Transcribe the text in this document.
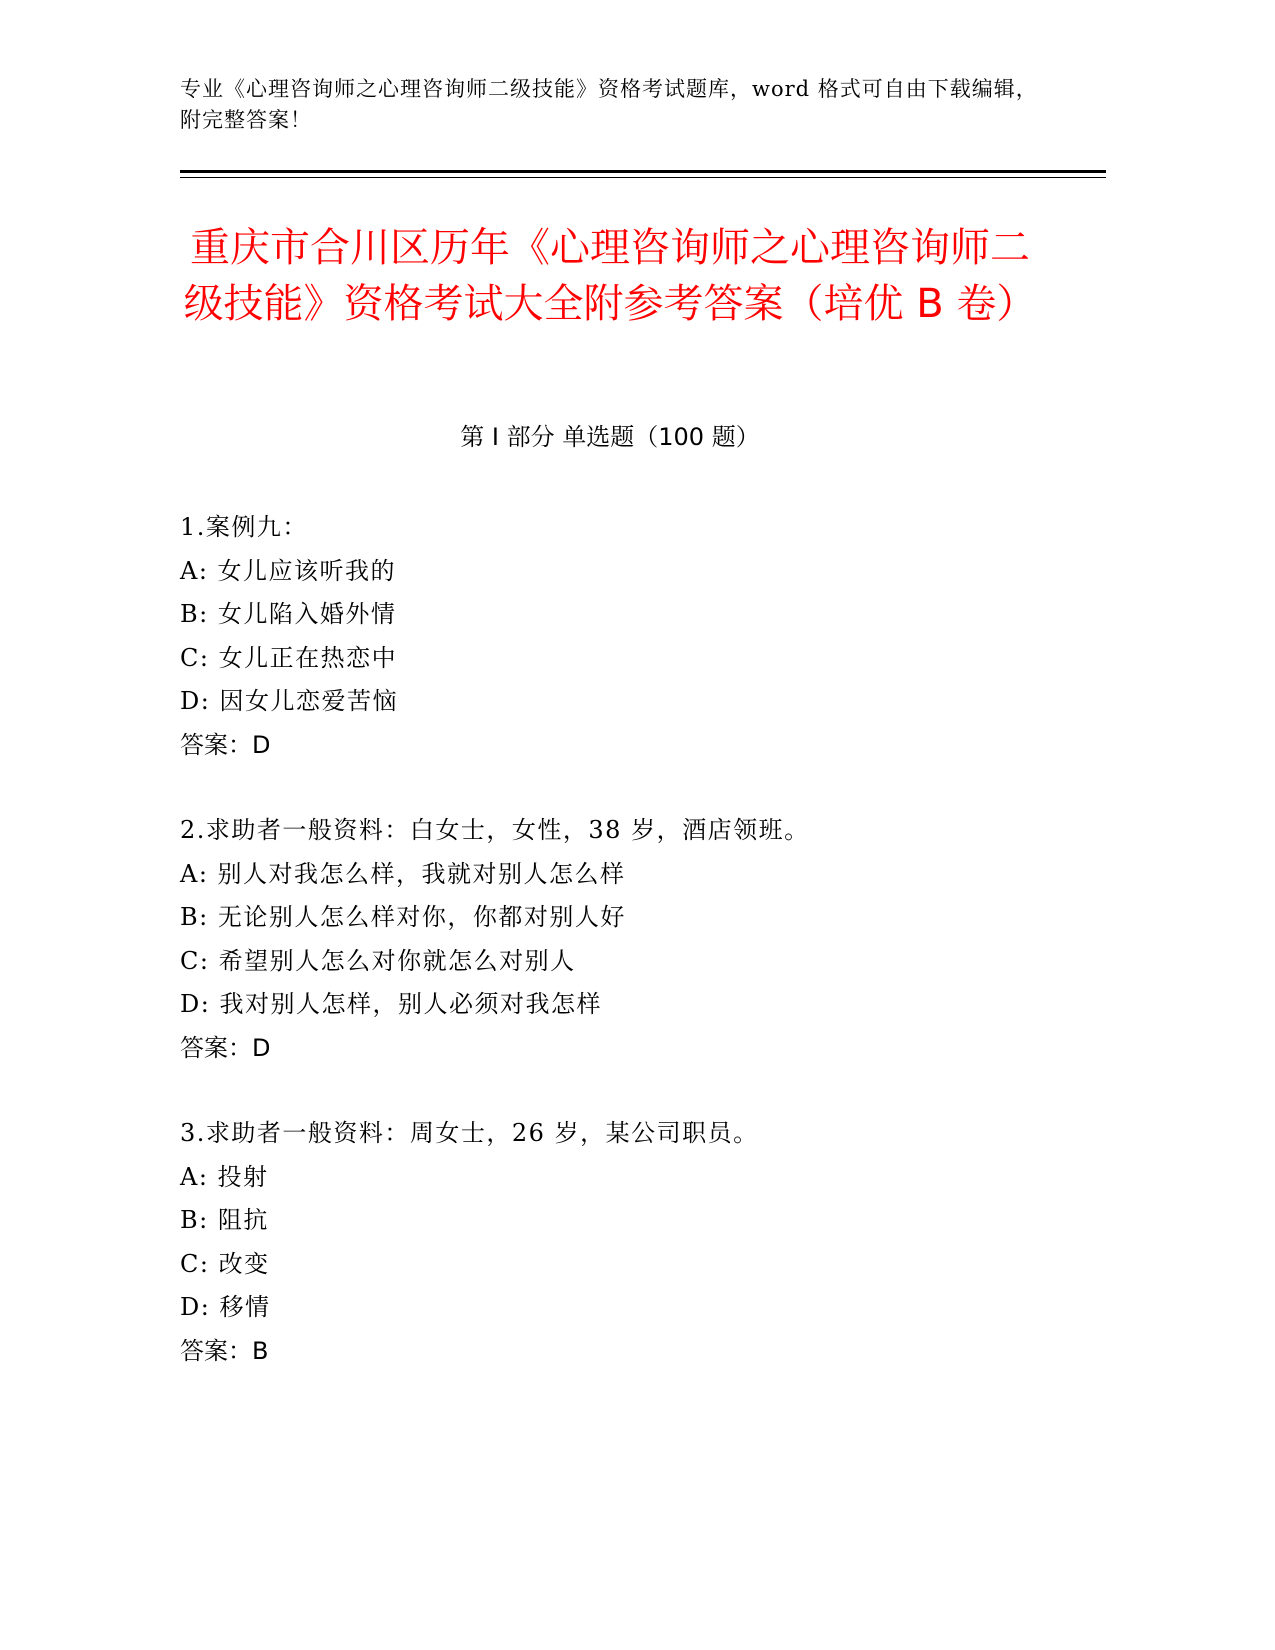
专业《心理咨询师之心理咨询师二级技能》资格考试题库，word 格式可自由下载编辑，附完整答案！
重庆市合川区历年《心理咨询师之心理咨询师二级技能》资格考试大全附参考答案（培优 B 卷）
第 I 部分 单选题（100 题）
1.案例九：
A: 女儿应该听我的
B: 女儿陷入婚外情
C: 女儿正在热恋中
D: 因女儿恋爱苦恼
答案：D
2.求助者一般资料：白女士，女性，38 岁，酒店领班。
A: 别人对我怎么样，我就对别人怎么样
B: 无论别人怎么样对你，你都对别人好
C: 希望别人怎么对你就怎么对别人
D: 我对别人怎样，别人必须对我怎样
答案：D
3.求助者一般资料：周女士，26 岁，某公司职员。
A: 投射
B: 阻抗
C: 改变
D: 移情
答案：B
